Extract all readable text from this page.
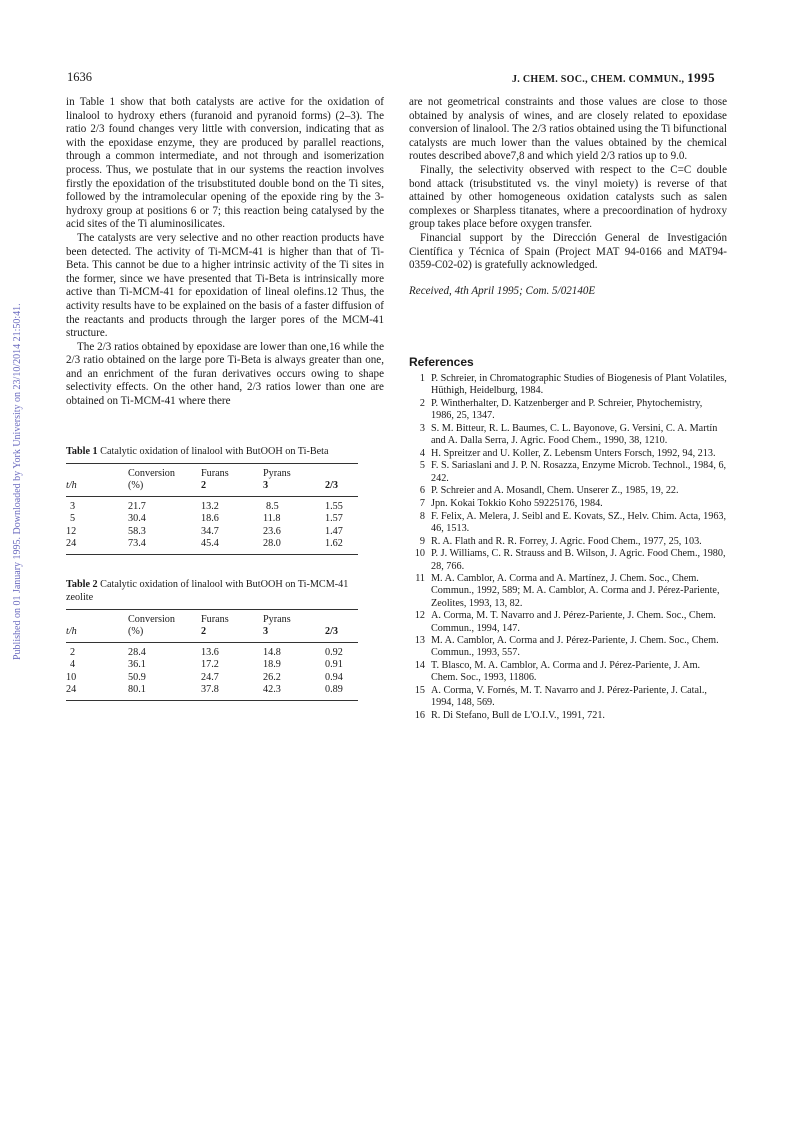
Published on 01 January 1995. Downloaded by York University on 23/10/2014 21:50:41.
1636	J. CHEM. SOC., CHEM. COMMUN., 1995

in Table 1 show that both catalysts are active for the oxidation of linalool to hydroxy ethers (furanoid and pyranoid forms) (2–3). The ratio 2/3 found changes very little with conversion, indicating that as with the epoxidase enzyme, they are produced by parallel reactions, through a common intermediate, and not through and isomerization process. Thus, we postulate that in our systems the reaction involves firstly the epoxidation of the trisubstituted double bond on the Ti sites, followed by the intramolecular opening of the epoxide ring by the 3-hydroxy group at positions 6 or 7; this reaction being catalysed by the acid sites of the Ti aluminosilicates.

The catalysts are very selective and no other reaction products have been detected. The activity of Ti-MCM-41 is higher than that of Ti-Beta. This cannot be due to a higher intrinsic activity of the Ti sites in the former, since we have presented that Ti-Beta is intrinsically more active than Ti-MCM-41 for epoxidation of lineal olefins.12 Thus, the activity results have to be explained on the basis of a faster diffusion of the reactants and products through the larger pores of the MCM-41 structure.

The 2/3 ratios obtained by epoxidase are lower than one,16 while the 2/3 ratio obtained on the large pore Ti-Beta is always greater than one, and an enrichment of the furan derivatives occurs owing to shape selectivity effects. On the other hand, 2/3 ratios lower than one are obtained on Ti-MCM-41 where there

Table 1 Catalytic oxidation of linalool with ButOOH on Ti-Beta
Conversion	Furans	Pyrans
t/h	(%)	2	3	2/3
3	21.7	13.2	8.5	1.55
5	30.4	18.6	11.8	1.57
12	58.3	34.7	23.6	1.47
24	73.4	45.4	28.0	1.62
Table 2 Catalytic oxidation of linalool with ButOOH on Ti-MCM-41 zeolite
Conversion	Furans	Pyrans
t/h	(%)	2	3	2/3
2	28.4	13.6	14.8	0.92
4	36.1	17.2	18.9	0.91
10	50.9	24.7	26.2	0.94
24	80.1	37.8	42.3	0.89

are not geometrical constraints and those values are close to those obtained by analysis of wines, and are closely related to epoxidase conversion of linalool. The 2/3 ratios obtained using the Ti bifunctional catalysts are much lower than the values obtained by the chemical routes described above7,8 and which yield 2/3 ratios up to 9.0.

Finally, the selectivity observed with respect to the C=C double bond attack (trisubstituted vs. the vinyl moiety) is reverse of that attained by other homogeneous oxidation catalysts such as salen complexes or Sharpless titanates, where a precoordination of hydroxy group takes place before oxygen transfer.

Financial support by the Dirección General de Investigación Científica y Técnica of Spain (Project MAT 94-0166 and MAT94-0359-C02-02) is gratefully acknowledged.

Received, 4th April 1995; Com. 5/02140E

References

1 P. Schreier, in Chromatographic Studies of Biogenesis of Plant Volatiles, Hüthigh, Heidelburg, 1984.

2 P. Wintherhalter, D. Katzenberger and P. Schreier, Phytochemistry, 1986, 25, 1347.

3 S. M. Bitteur, R. L. Baumes, C. L. Bayonove, G. Versini, C. A. Martín and A. Dalla Serra, J. Agric. Food Chem., 1990, 38, 1210.

4 H. Spreitzer and U. Koller, Z. Lebensm Unters Forsch, 1992, 94, 213.

5 F. S. Sariaslani and J. P. N. Rosazza, Enzyme Microb. Technol., 1984, 6, 242.

6 P. Schreier and A. Mosandl, Chem. Unserer Z., 1985, 19, 22.

7 Jpn. Kokai Tokkio Koho 59225176, 1984.

8 F. Felix, A. Melera, J. Seibl and E. Kovats, SZ., Helv. Chim. Acta, 1963, 46, 1513.

9 R. A. Flath and R. R. Forrey, J. Agric. Food Chem., 1977, 25, 103.

10 P. J. Williams, C. R. Strauss and B. Wilson, J. Agric. Food Chem., 1980, 28, 766.

11 M. A. Camblor, A. Corma and A. Martínez, J. Chem. Soc., Chem. Commun., 1992, 589; M. A. Camblor, A. Corma and J. Pérez-Pariente, Zeolites, 1993, 13, 82.

12 A. Corma, M. T. Navarro and J. Pérez-Pariente, J. Chem. Soc., Chem. Commun., 1994, 147.

13 M. A. Camblor, A. Corma and J. Pérez-Pariente, J. Chem. Soc., Chem. Commun., 1993, 557.

14 T. Blasco, M. A. Camblor, A. Corma and J. Pérez-Pariente, J. Am. Chem. Soc., 1993, 11806.

15 A. Corma, V. Fornés, M. T. Navarro and J. Pérez-Pariente, J. Catal., 1994, 148, 569.

16 R. Di Stefano, Bull de L'O.I.V., 1991, 721.
